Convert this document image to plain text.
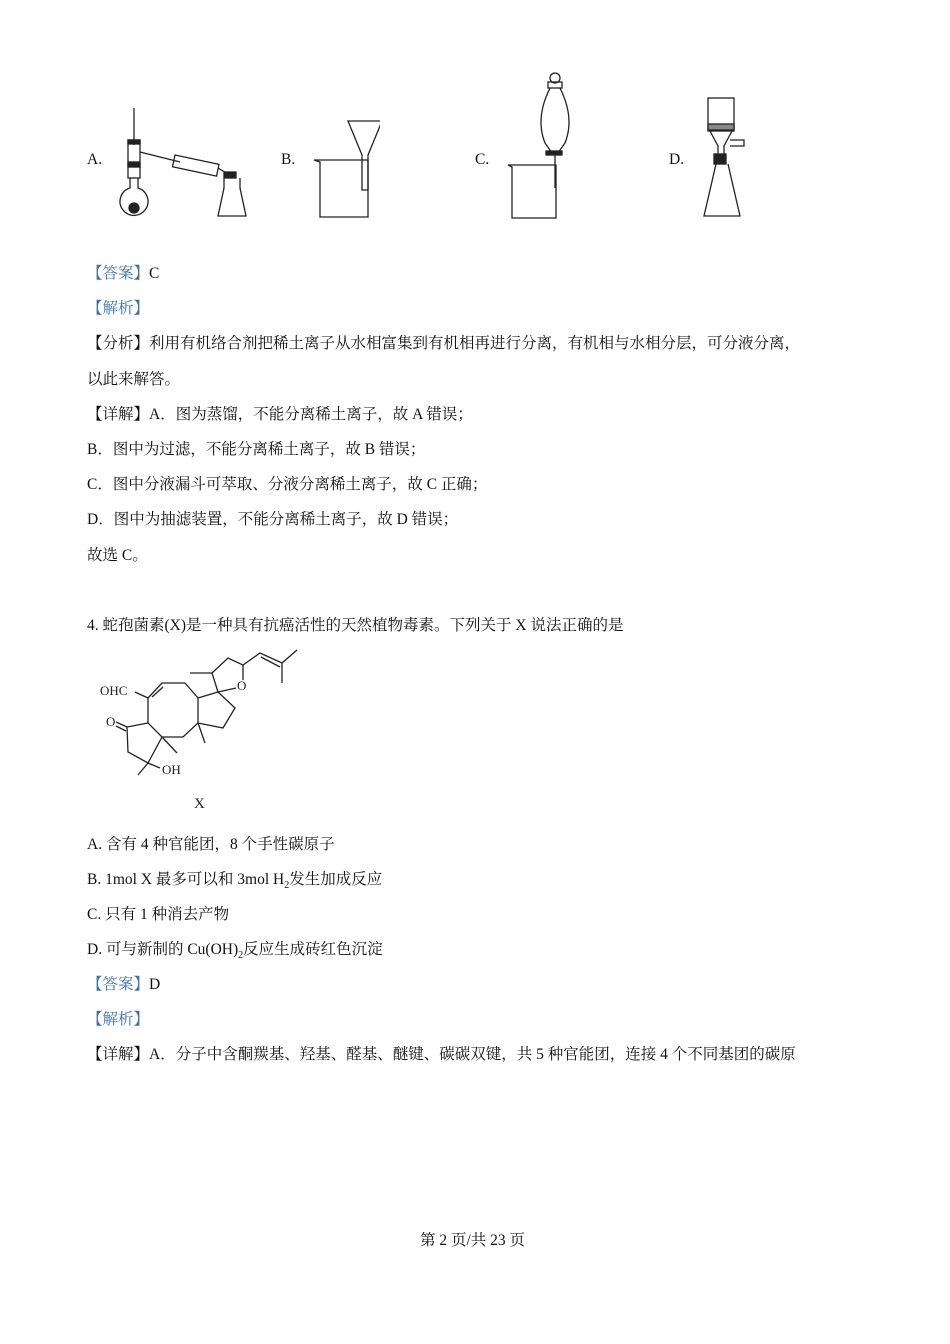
A.	B.	C.	D.
【答案】C
【解析】
【分析】利用有机络合剂把稀土离子从水相富集到有机相再进行分离，有机相与水相分层，可分液分离，
以此来解答。
【详解】A．图为蒸馏，不能分离稀土离子，故 A 错误；
B．图中为过滤，不能分离稀土离子，故 B 错误；
C．图中分液漏斗可萃取、分液分离稀土离子，故 C 正确；
D．图中为抽滤装置，不能分离稀土离子，故 D 错误；
故选 C。
4. 蛇孢菌素(X)是一种具有抗癌活性的天然植物毒素。下列关于 X 说法正确的是
OHC
O
O
OH
X
A. 含有 4 种官能团，8 个手性碳原子
B. 1mol X 最多可以和 3mol $H_2$发生加成反应
C. 只有 1 种消去产物
D. 可与新制的 $Cu(OH)_2$反应生成砖红色沉淀
【答案】D
【解析】
【详解】A．分子中含酮羰基、羟基、醛基、醚键、碳碳双键，共 5 种官能团，连接 4 个不同基团的碳原
第 2 页/共 23 页
